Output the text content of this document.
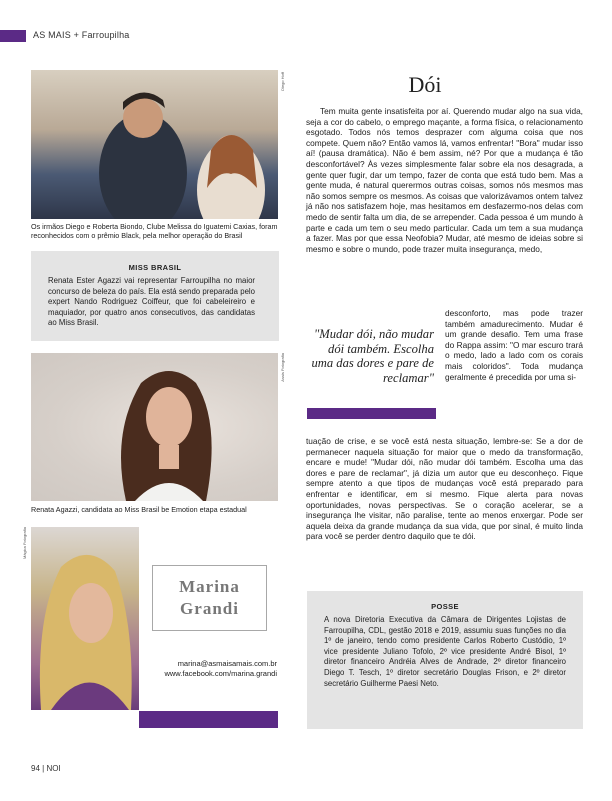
AS MAIS + Farroupilha
Diego Hoff
Os irmãos Diego e Roberta Biondo, Clube Melissa do Iguatemi Caxias, foram reconhecidos com o prêmio Black, pela melhor operação do Brasil
MISS BRASIL
Renata Ester Agazzi vai representar Farroupilha no maior concurso de beleza do país. Ela está sendo preparada pelo expert Nando Rodriguez Coiffeur, que foi cabeleireiro e maquiador, por quatro anos consecutivos, das candidatas ao Miss Brasil.
Assis Fotografia
Renata Agazzi, candidata ao Miss Brasil be Emotion etapa estadual
Mágica Fotografia
Marina
Grandi
marina@asmaisamais.com.br
www.facebook.com/marina.grandi
Dói
Tem muita gente insatisfeita por aí. Querendo mudar algo na sua vida, seja a cor do cabelo, o emprego maçante, a forma física, o relacionamento esgotado. Todos nós temos desprazer com alguma coisa que nos compete. Quem não? Então vamos lá, vamos enfrentar! "Bora" mudar isso aí! (pausa dramática). Não é bem assim, né? Por que a mudança é tão desconfortável? Às vezes simplesmente falar sobre ela nos desagrada, a gente quer fugir, dar um tempo, fazer de conta que está tudo bem. Mas a gente muda, é natural querermos outras coisas, somos nós mesmos mas não somos sempre os mesmos. As coisas que valorizávamos ontem talvez já não nos satisfazem hoje, mas hesitamos em desfazermo-nos delas com medo de sentir falta um dia, de se arrepender. Cada pessoa é um mundo à parte e cada um tem o seu medo particular. Cada um tem a sua mudança a fazer. Mas por que essa Neofobia? Mudar, até mesmo de ideias sobre si mesmo e sobre o mundo, pode trazer muita insegurança, medo,
desconforto, mas pode trazer também amadurecimento. Mudar é um grande desafio. Tem uma frase do Rappa assim: "O mar escuro trará o medo, lado a lado com os corais mais coloridos". Toda mudança geralmente é precedida por uma si-
tuação de crise, e se você está nesta situação, lembre-se: Se a dor de permanecer naquela situação for maior que o medo da transformação, encare e mude! "Mudar dói, não mudar dói também. Escolha uma das dores e pare de reclamar", já dizia um autor que eu desconheço. Fique sempre atento a que tipos de mudanças você está preparado para enfrentar e identificar, em si mesmo. Fique alerta para novas oportunidades, novas perspectivas. Se o coração acelerar, se a insegurança lhe visitar, não paralise, tente ao menos enxergar. Pode ser aquela deixa da grande mudança da sua vida, que por sinal, é muito linda para você se perder dentro daquilo que te dói.
"Mudar dói, não mudar dói também. Escolha uma das dores e pare de reclamar"
POSSE
A nova Diretoria Executiva da Câmara de Dirigentes Lojistas de Farroupilha, CDL, gestão 2018 e 2019, assumiu suas funções no dia 1º de janeiro, tendo como presidente Carlos Roberto Custódio, 1º vice presidente Juliano Tofolo, 2º vice presidente André Bisol, 1º diretor financeiro Andréia Alves de Andrade, 2º diretor financeiro Diego T. Tesch, 1º diretor secretário Douglas Frison, e 2º diretor secretário Guilherme Paesi Neto.
94 | NOI
